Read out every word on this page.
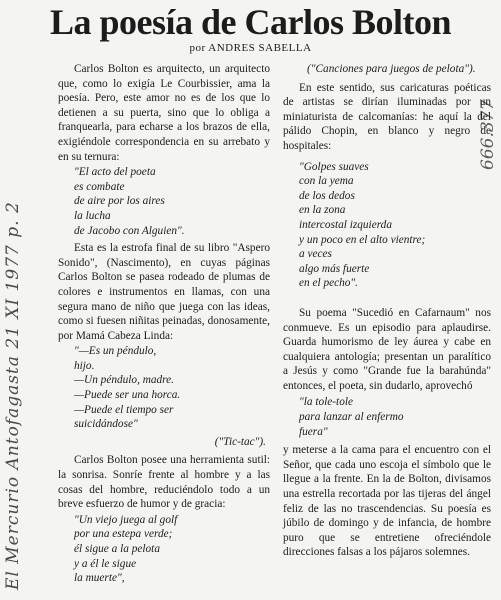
La poesía de Carlos Bolton
por ANDRES SABELLA
El Mercurio Antofagasta 21 XI 1977 p. 2
666.377

Carlos Bolton es arquitecto, un arquitecto que, como lo exigía Le Courbissier, ama la poesía. Pero, este amor no es de los que lo detienen a su puerta, sino que lo obliga a franquearla, para echarse a los brazos de ella, exigiéndole correspondencia en su arrebato y en su ternura:

"El acto del poeta
es combate
de aire por los aires
la lucha
de Jacobo con Alguien".

Esta es la estrofa final de su libro "Aspero Sonido", (Nascimento), en cuyas páginas Carlos Bolton se pasea rodeado de plumas de colores e instrumentos en llamas, con una segura mano de niño que juega con las ideas, como si fuesen niñitas peinadas, donosamente, por Mamá Cabeza Linda:

"—Es un péndulo,
hijo.
—Un péndulo, madre.
—Puede ser una horca.
—Puede el tiempo ser
suicidándose"
("Tic-tac").

Carlos Bolton posee una herramienta sutil: la sonrisa. Sonríe frente al hombre y a las cosas del hombre, reduciéndolo todo a un breve esfuerzo de humor y de gracia:

"Un viejo juega al golf
por una estepa verde;
él sigue a la pelota
y a él le sigue
la muerte",
("Canciones para juegos de pelota").

En este sentido, sus caricaturas poéticas de artistas se dirían iluminadas por un miniaturista de calcomanías: he aquí la del pálido Chopin, en blanco y negro de hospitales:

"Golpes suaves
con la yema
de los dedos
en la zona
intercostal izquierda
y un poco en el alto vientre;
a veces
algo más fuerte
en el pecho".

Su poema "Sucedió en Cafarnaum" nos conmueve. Es un episodio para aplaudirse. Guarda humorismo de ley áurea y cabe en cualquiera antología; presentan un paralítico a Jesús y como "Grande fue la barahúnda" entonces, el poeta, sin dudarlo, aprovechó

"la tole-tole
para lanzar al enfermo
fuera"

y meterse a la cama para el encuentro con el Señor, que cada uno escoja el símbolo que le llegue a la frente. En la de Bolton, divisamos una estrella recortada por las tijeras del ángel feliz de las no trascendencias. Su poesía es júbilo de domingo y de infancia, de hombre puro que se entretiene ofreciéndole direcciones falsas a los pájaros solemnes.
